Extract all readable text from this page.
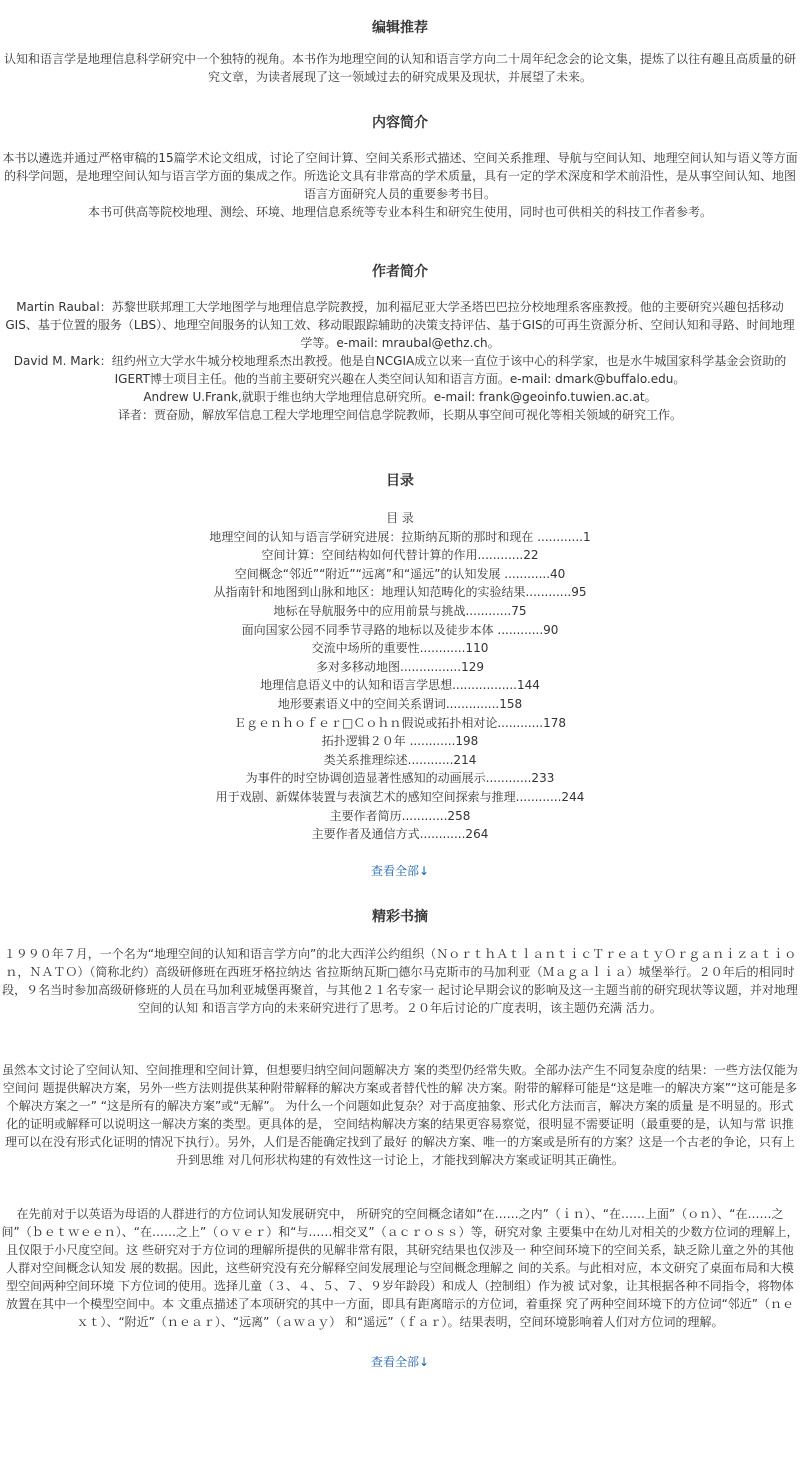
编辑推荐

认知和语言学是地理信息科学研究中一个独特的视角。本书作为地理空间的认知和语言学方向二十周年纪念会的论文集，提炼了以往有趣且高质量的研究文章，为读者展现了这一领域过去的研究成果及现状，并展望了未来。

内容简介

本书以遴选并通过严格审稿的15篇学术论文组成，讨论了空间计算、空间关系形式描述、空间关系推理、导航与空间认知、地理空间认知与语义等方面的科学问题，是地理空间认知与语言学方面的集成之作。所选论文具有非常高的学术质量，具有一定的学术深度和学术前沿性，是从事空间认知、地图语言方面研究人员的重要参考书目。

本书可供高等院校地理、测绘、环境、地理信息系统等专业本科生和研究生使用，同时也可供相关的科技工作者参考。

作者简介

Martin Raubal：苏黎世联邦理工大学地图学与地理信息学院教授，加利福尼亚大学圣塔巴巴拉分校地理系客座教授。他的主要研究兴趣包括移动GIS、基于位置的服务（LBS）、地理空间服务的认知工效、移动眼跟踪辅助的决策支持评估、基于GIS的可再生资源分析、空间认知和寻路、时间地理学等。e-mail: mraubal@ethz.ch。

David M. Mark：纽约州立大学水牛城分校地理系杰出教授。他是自NCGIA成立以来一直位于该中心的科学家，也是水牛城国家科学基金会资助的IGERT博士项目主任。他的当前主要研究兴趣在人类空间认知和语言方面。e-mail: dmark@buffalo.edu。

Andrew U.Frank,就职于维也纳大学地理信息研究所。e-mail: frank@geoinfo.tuwien.ac.at。

译者：贾奋励，解放军信息工程大学地理空间信息学院教师，长期从事空间可视化等相关领域的研究工作。

目录

目 录

地理空间的认知与语言学研究进展：拉斯纳瓦斯的那时和现在 ............1

空间计算：空间结构如何代替计算的作用............22

空间概念“邻近”“附近”“远离”和“遥远”的认知发展 ............40

从指南针和地图到山脉和地区：地理认知范畴化的实验结果............95

地标在导航服务中的应用前景与挑战............75

面向国家公园不同季节寻路的地标以及徒步本体 ............90

交流中场所的重要性............110

多对多移动地图................129

地理信息语义中的认知和语言学思想.................144

地形要素语义中的空间关系谓词..............158

Ｅｇｅｎｈｏｆｅｒ□Ｃｏｈｎ假说或拓扑相对论............178

拓扑逻辑２０年 ............198

类关系推理综述............214

为事件的时空协调创造显著性感知的动画展示............233

用于戏剧、新媒体装置与表演艺术的感知空间探索与推理............244

主要作者简历............258

主要作者及通信方式............264

查看全部↓
精彩书摘

１９９０年７月，一个名为“地理空间的认知和语言学方向”的北大西洋公约组织（ＮｏｒｔｈＡｔｌａｎｔｉｃＴｒｅａｔｙＯｒｇａｎｉｚａｔｉｏｎ，ＮＡＴＯ）（简称北约）高级研修班在西班牙格拉纳达 省拉斯纳瓦斯□德尔马克斯市的马加利亚（Ｍａｇａｌｉａ）城堡举行。２０年后的相同时 段，９名当时参加高级研修班的人员在马加利亚城堡再聚首，与其他２１名专家一 起讨论早期会议的影响及这一主题当前的研究现状等议题，并对地理空间的认知 和语言学方向的未来研究进行了思考。２０年后讨论的广度表明，该主题仍充满 活力。

虽然本文讨论了空间认知、空间推理和空间计算，但想要归纳空间问题解决方 案的类型仍经常失败。全部办法产生不同复杂度的结果：一些方法仅能为空间问 题提供解决方案，另外一些方法则提供某种附带解释的解决方案或者替代性的解 决方案。附带的解释可能是“这是唯一的解决方案”“这可能是多个解决方案之一” “这是所有的解决方案”或“无解”。 为什么一个问题如此复杂？对于高度抽象、形式化方法而言，解决方案的质量 是不明显的。形式化的证明或解释可以说明这一解决方案的类型。更具体的是， 空间结构解决方案的结果更容易察觉，很明显不需要证明（最重要的是，认知与常 识推理可以在没有形式化证明的情况下执行）。另外，人们是否能确定找到了最好 的解决方案、唯一的方案或是所有的方案？这是一个古老的争论，只有上升到思维 对几何形状构建的有效性这一讨论上，才能找到解决方案或证明其正确性。

在先前对于以英语为母语的人群进行的方位词认知发展研究中， 所研究的空间概念诸如“在……之内”（ｉｎ）、“在……上面”（ｏｎ）、“在……之 间”（ｂｅｔｗｅｅｎ）、“在……之上”（ｏｖｅｒ）和“与……相交叉”（ａｃｒｏｓｓ）等，研究对象 主要集中在幼儿对相关的少数方位词的理解上，且仅限于小尺度空间。这 些研究对于方位词的理解所提供的见解非常有限，其研究结果也仅涉及一 种空间环境下的空间关系，缺乏除儿童之外的其他人群对空间概念认知发 展的数据。因此，这些研究没有充分解释空间发展理论与空间概念理解之 间的关系。与此相对应，本文研究了桌面布局和大模型空间两种空间环境 下方位词的使用。选择儿童（３、４、５、７、９岁年龄段）和成人（控制组）作为被 试对象，让其根据各种不同指令，将物体放置在其中一个模型空间中。本 文重点描述了本项研究的其中一方面，即具有距离暗示的方位词，着重探 究了两种空间环境下的方位词“邻近”（ｎｅｘｔ）、“附近”（ｎｅａｒ）、“远离”（ａｗａｙ） 和“遥远”（ｆａｒ）。结果表明，空间环境影响着人们对方位词的理解。

查看全部↓
